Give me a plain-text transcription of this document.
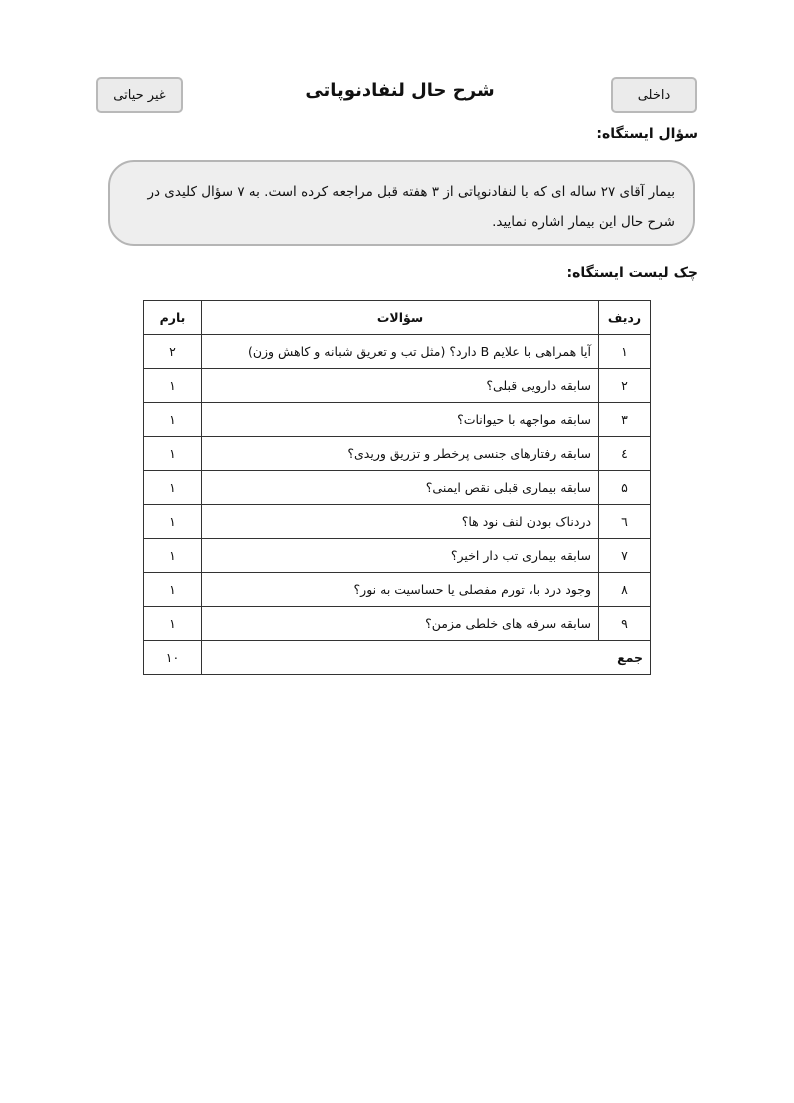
غیر حیاتی	شرح حال لنفادنوپاتی	داخلی
سؤال ایستگاه:
بیمار آقای ۲۷ ساله ای که با لنفادنوپاتی از ۳ هفته قبل مراجعه کرده است. به ۷ سؤال کلیدی در شرح حال این بیمار اشاره نمایید.
چک لیست ایستگاه:
ردیف	سؤالات	بارم
۱	آیا همراهی با علایم B دارد؟ (مثل تب و تعریق شبانه و کاهش وزن)	۲
۲	سابقه دارویی قبلی؟	۱
۳	سابقه مواجهه با حیوانات؟	۱
٤	سابقه رفتارهای جنسی پرخطر و تزریق وریدی؟	۱
۵	سابقه بیماری قبلی نقص ایمنی؟	۱
٦	دردناک بودن لنف نود ها؟	۱
۷	سابقه بیماری تب دار اخیر؟	۱
۸	وجود درد با، تورم مفصلی یا حساسیت به نور؟	۱
۹	سابقه سرفه های خلطی مزمن؟	۱
جمع		۱۰
